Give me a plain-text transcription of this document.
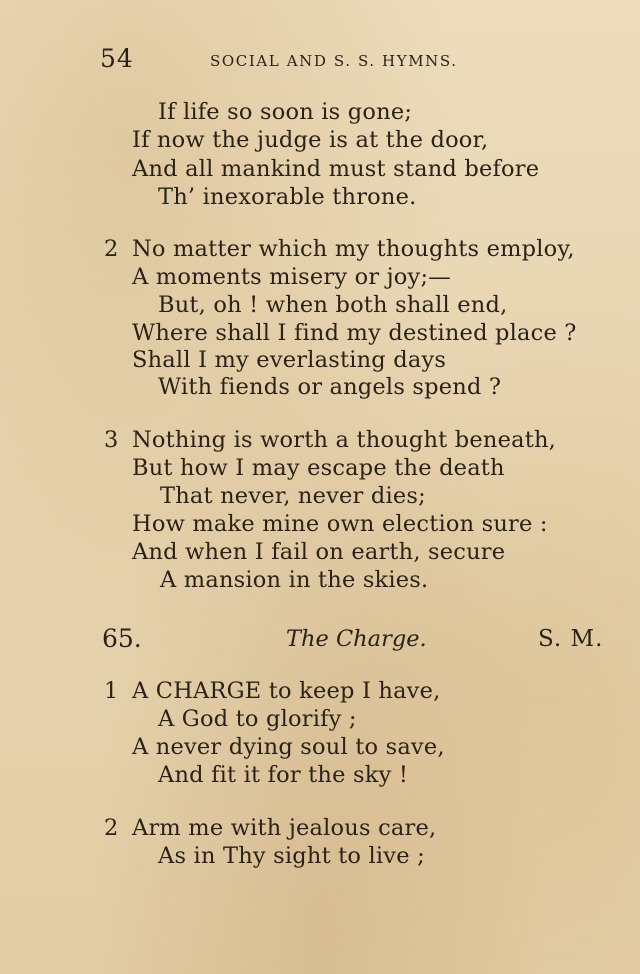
54	SOCIAL AND S. S. HYMNS.
If life so soon is gone;
If now the judge is at the door,
And all mankind must stand before
Th’ inexorable throne.
2 No matter which my thoughts employ,
A moments misery or joy;—
But, oh ! when both shall end,
Where shall I find my destined place ?
Shall I my everlasting days
With fiends or angels spend ?
3 Nothing is worth a thought beneath,
But how I may escape the death
That never, never dies;
How make mine own election sure :
And when I fail on earth, secure
A mansion in the skies.
65.	The Charge.	S. M.
1 A CHARGE to keep I have,
A God to glorify ;
A never dying soul to save,
And fit it for the sky !
2 Arm me with jealous care,
As in Thy sight to live ;
